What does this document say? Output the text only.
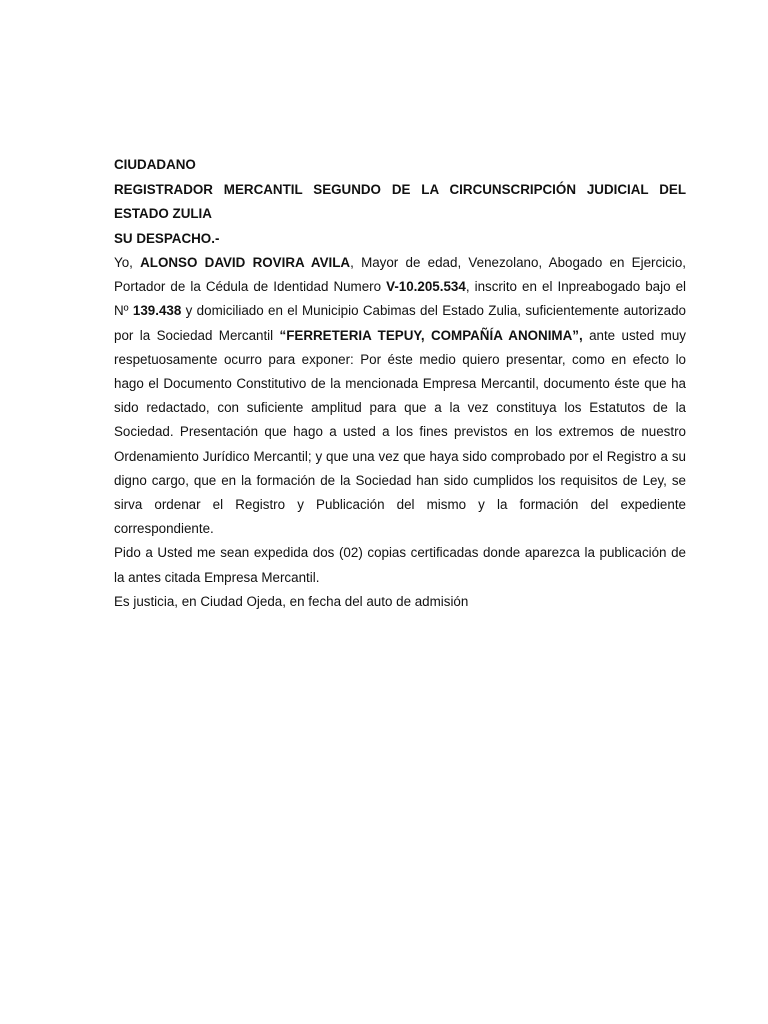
CIUDADANO

REGISTRADOR MERCANTIL SEGUNDO DE LA CIRCUNSCRIPCIÓN JUDICIAL DEL ESTADO ZULIA

SU DESPACHO.-

Yo, ALONSO DAVID ROVIRA AVILA, Mayor de edad, Venezolano, Abogado en Ejercicio, Portador de la Cédula de Identidad Numero V-10.205.534, inscrito en el Inpreabogado bajo el Nº 139.438 y domiciliado en el Municipio Cabimas del Estado Zulia, suficientemente autorizado por la Sociedad Mercantil “FERRETERIA TEPUY, COMPAÑÍA ANONIMA”, ante usted muy respetuosamente ocurro para exponer: Por éste medio quiero presentar, como en efecto lo hago el Documento Constitutivo de la mencionada Empresa Mercantil, documento éste que ha sido redactado, con suficiente amplitud para que a la vez constituya los Estatutos de la Sociedad. Presentación que hago a usted a los fines previstos en los extremos de nuestro Ordenamiento Jurídico Mercantil; y que una vez que haya sido comprobado por el Registro a su digno cargo, que en la formación de la Sociedad han sido cumplidos los requisitos de Ley, se sirva ordenar el Registro y Publicación del mismo y la formación del expediente correspondiente.

Pido a Usted me sean expedida dos (02) copias certificadas donde aparezca la publicación de la antes citada Empresa Mercantil.

Es justicia, en Ciudad Ojeda, en fecha del auto de admisión
